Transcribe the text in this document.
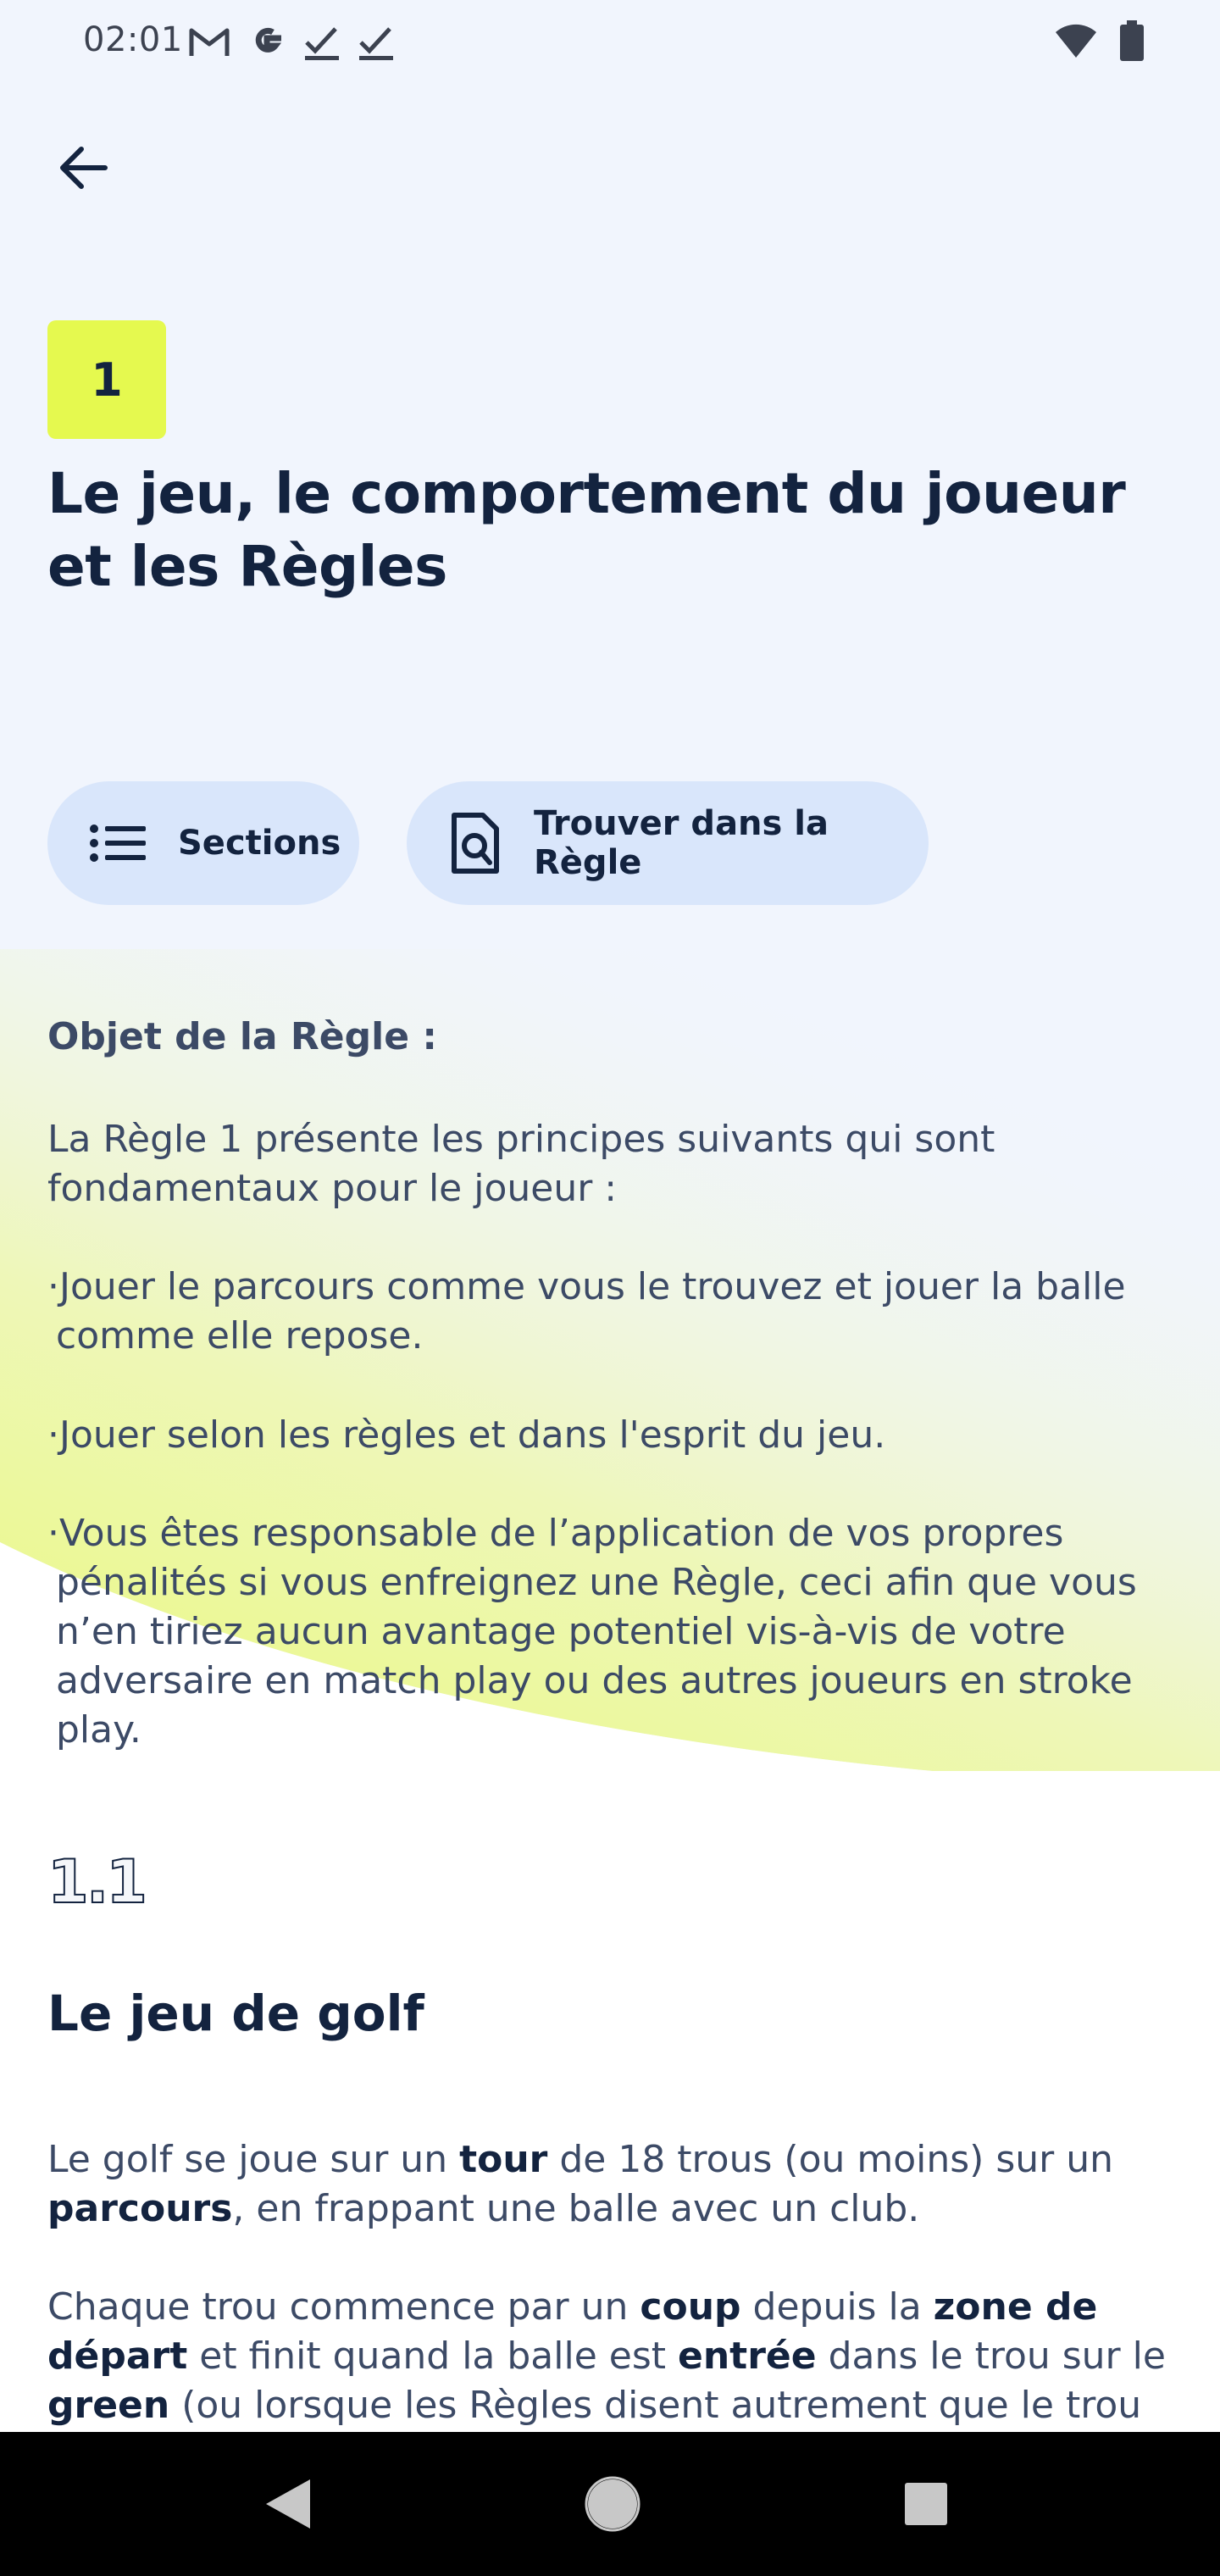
02:01
1
Le jeu, le comportement du joueur et les Règles
Sections	Trouver dans la Règle
Objet de la Règle :
La Règle 1 présente les principes suivants qui sont fondamentaux pour le joueur :
·Jouer le parcours comme vous le trouvez et jouer la balle comme elle repose.
·Jouer selon les règles et dans l'esprit du jeu.
·Vous êtes responsable de l’application de vos propres pénalités si vous enfreignez une Règle, ceci afin que vous n’en tiriez aucun avantage potentiel vis-à-vis de votre adversaire en match play ou des autres joueurs en stroke play.
1.1
Le jeu de golf
Le golf se joue sur un tour de 18 trous (ou moins) sur un parcours, en frappant une balle avec un club.
Chaque trou commence par un coup depuis la zone de départ et finit quand la balle est entrée dans le trou sur le green (ou lorsque les Règles disent autrement que le trou
